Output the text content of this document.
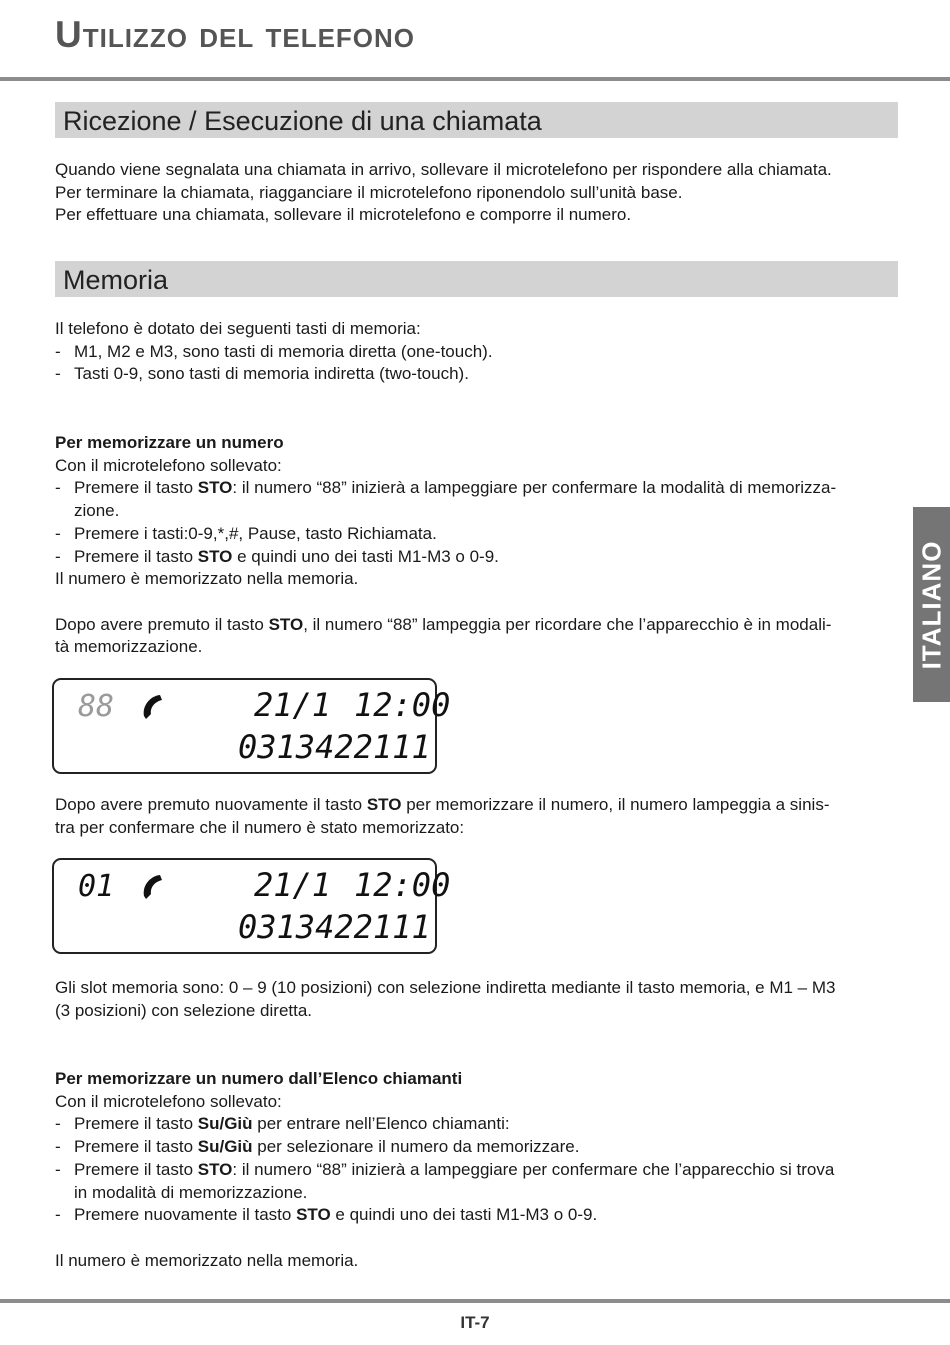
Utilizzo del telefono
Ricezione / Esecuzione di una chiamata
Quando viene segnalata una chiamata in arrivo, sollevare il microtelefono per rispondere alla chiamata.
Per terminare la chiamata, riagganciare il microtelefono riponendolo sull’unità base.
Per effettuare una chiamata, sollevare il microtelefono e comporre il numero.
Memoria
Il telefono è dotato dei seguenti tasti di memoria:
- M1, M2 e M3, sono tasti di memoria diretta (one-touch).
- Tasti 0-9, sono tasti di memoria indiretta (two-touch).
Per memorizzare un numero
Con il microtelefono sollevato:
- Premere il tasto STO: il numero “88” inizierà a lampeggiare per confermare la modalità di memorizza-
zione.
- Premere i tasti:0-9,*,#, Pause, tasto Richiamata.
- Premere il tasto STO e quindi uno dei tasti M1-M3 o 0-9.
Il numero è memorizzato nella memoria.
Dopo avere premuto il tasto STO, il numero “88” lampeggia per ricordare che l’apparecchio è in modali-
tà memorizzazione.
88	21/1 12:00
0313422111
Dopo avere premuto nuovamente il tasto STO per memorizzare il numero, il numero lampeggia a sinis-
tra per confermare che il numero è stato memorizzato:
01	21/1 12:00
0313422111
Gli slot memoria sono: 0 – 9 (10 posizioni) con selezione indiretta mediante il tasto memoria, e M1 – M3
(3 posizioni) con selezione diretta.
Per memorizzare un numero dall’Elenco chiamanti
Con il microtelefono sollevato:
- Premere il tasto Su/Giù per entrare nell’Elenco chiamanti:
- Premere il tasto Su/Giù per selezionare il numero da memorizzare.
- Premere il tasto STO: il numero “88” inizierà a lampeggiare per confermare che l’apparecchio si trova
in modalità di memorizzazione.
- Premere nuovamente il tasto STO e quindi uno dei tasti M1-M3 o 0-9.
Il numero è memorizzato nella memoria.
ITALIANO
IT-7
